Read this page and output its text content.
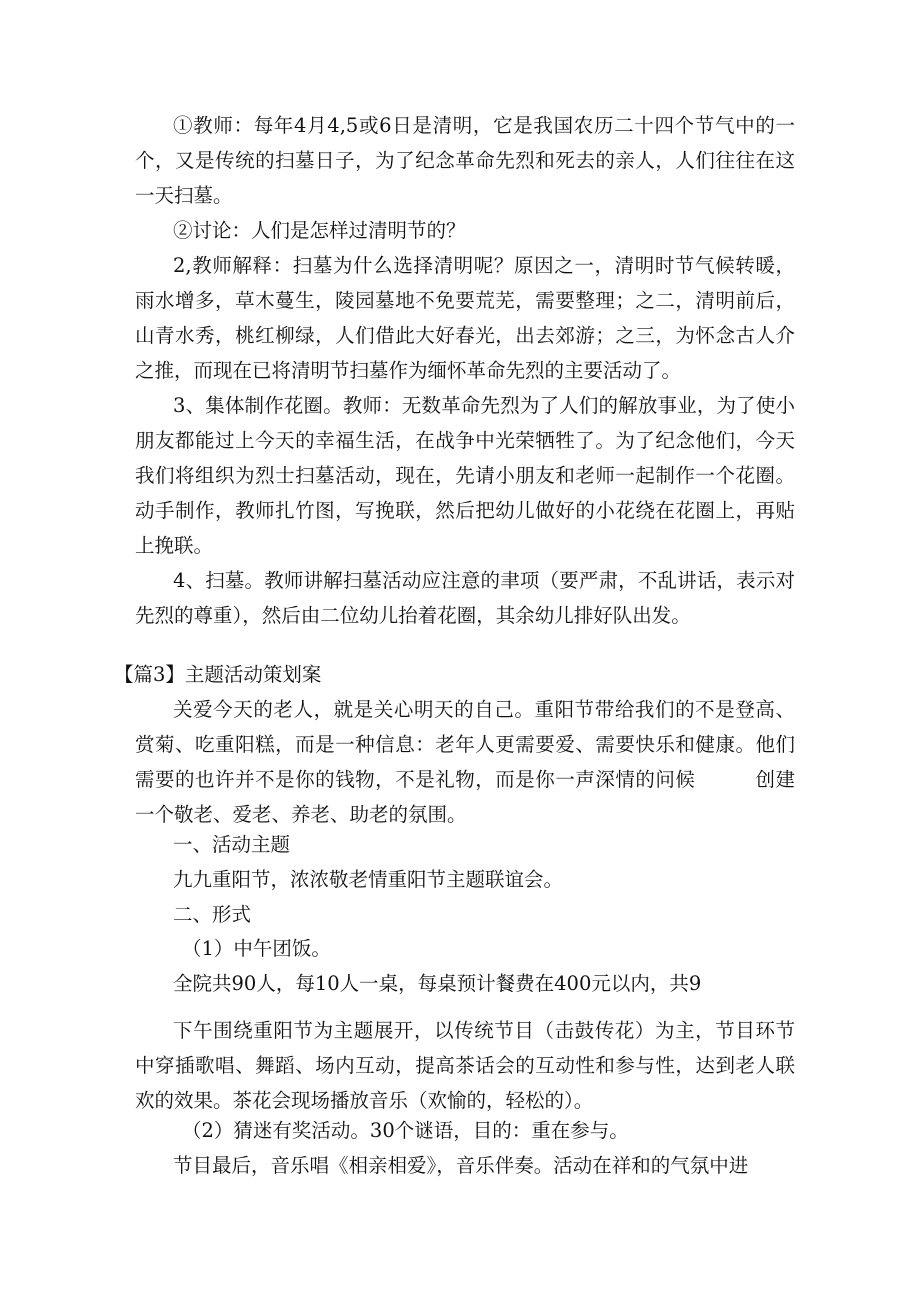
①教师：每年4月4,5或6日是清明，它是我国农历二十四个节气中的一个，又是传统的扫墓日子，为了纪念革命先烈和死去的亲人，人们往往在这一天扫墓。

②讨论：人们是怎样过清明节的？

2,教师解释：扫墓为什么选择清明呢？原因之一，清明时节气候转暖，雨水增多，草木蔓生，陵园墓地不免要荒芜，需要整理；之二，清明前后，山青水秀，桃红柳绿，人们借此大好春光，出去郊游；之三，为怀念古人介之推，而现在已将清明节扫墓作为缅怀革命先烈的主要活动了。

3、集体制作花圈。教师：无数革命先烈为了人们的解放事业，为了使小朋友都能过上今天的幸福生活，在战争中光荣牺牲了。为了纪念他们，今天我们将组织为烈士扫墓活动，现在，先请小朋友和老师一起制作一个花圈。动手制作，教师扎竹图，写挽联，然后把幼儿做好的小花绕在花圈上，再贴上挽联。

4、扫墓。教师讲解扫墓活动应注意的聿项（要严肃，不乱讲话，表示对先烈的尊重），然后由二位幼儿抬着花圈，其余幼儿排好队出发。

【篇3】主题活动策划案

关爱今天的老人，就是关心明天的自己。重阳节带给我们的不是登高、赏菊、吃重阳糕，而是一种信息：老年人更需要爱、需要快乐和健康。他们需要的也许并不是你的钱物，不是礼物，而是你一声深情的问候　　　创建一个敬老、爱老、养老、助老的氛围。

一、活动主题

九九重阳节，浓浓敬老情重阳节主题联谊会。

二、形式

（1）中午团饭。

全院共90人，每10人一桌，每桌预计餐费在400元以内，共9

下午围绕重阳节为主题展开，以传统节目（击鼓传花）为主，节目环节中穿插歌唱、舞蹈、场内互动，提高茶话会的互动性和参与性，达到老人联欢的效果。茶花会现场播放音乐（欢愉的，轻松的）。

（2）猜迷有奖活动。30个谜语，目的：重在参与。

节目最后，音乐唱《相亲相爱》，音乐伴奏。活动在祥和的气氛中进
